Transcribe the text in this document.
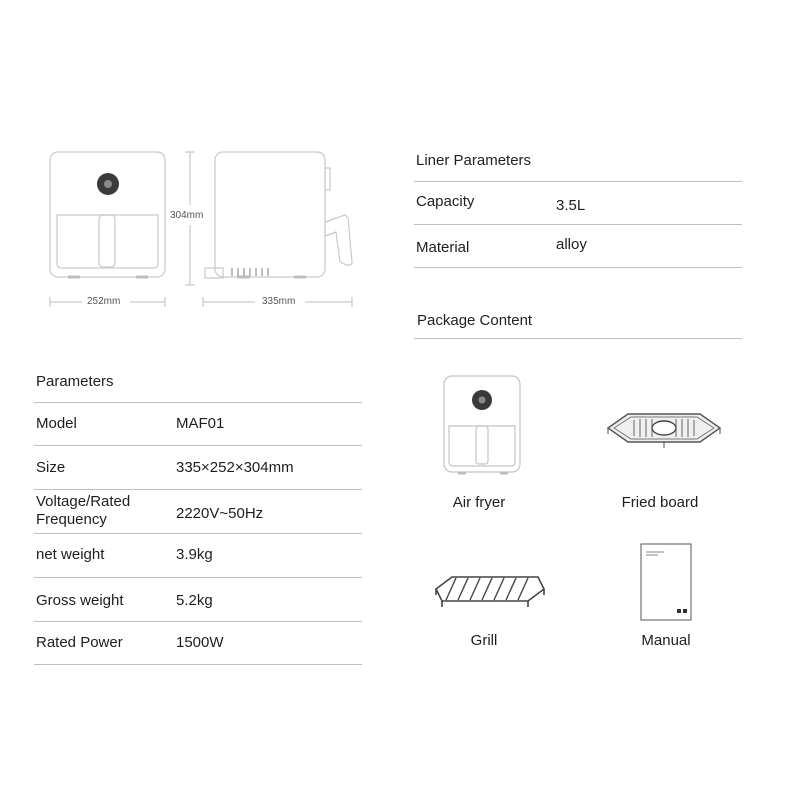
304mm
252mm	335mm
Liner Parameters
Capacity	3.5L
Material	alloy
Package Content
Air fryer	Fried board
Grill	Manual
Parameters
Model	MAF01
Size	335×252×304mm
Voltage/Rated Frequency	2220V~50Hz
net weight	3.9kg
Gross weight	5.2kg
Rated Power	1500W
